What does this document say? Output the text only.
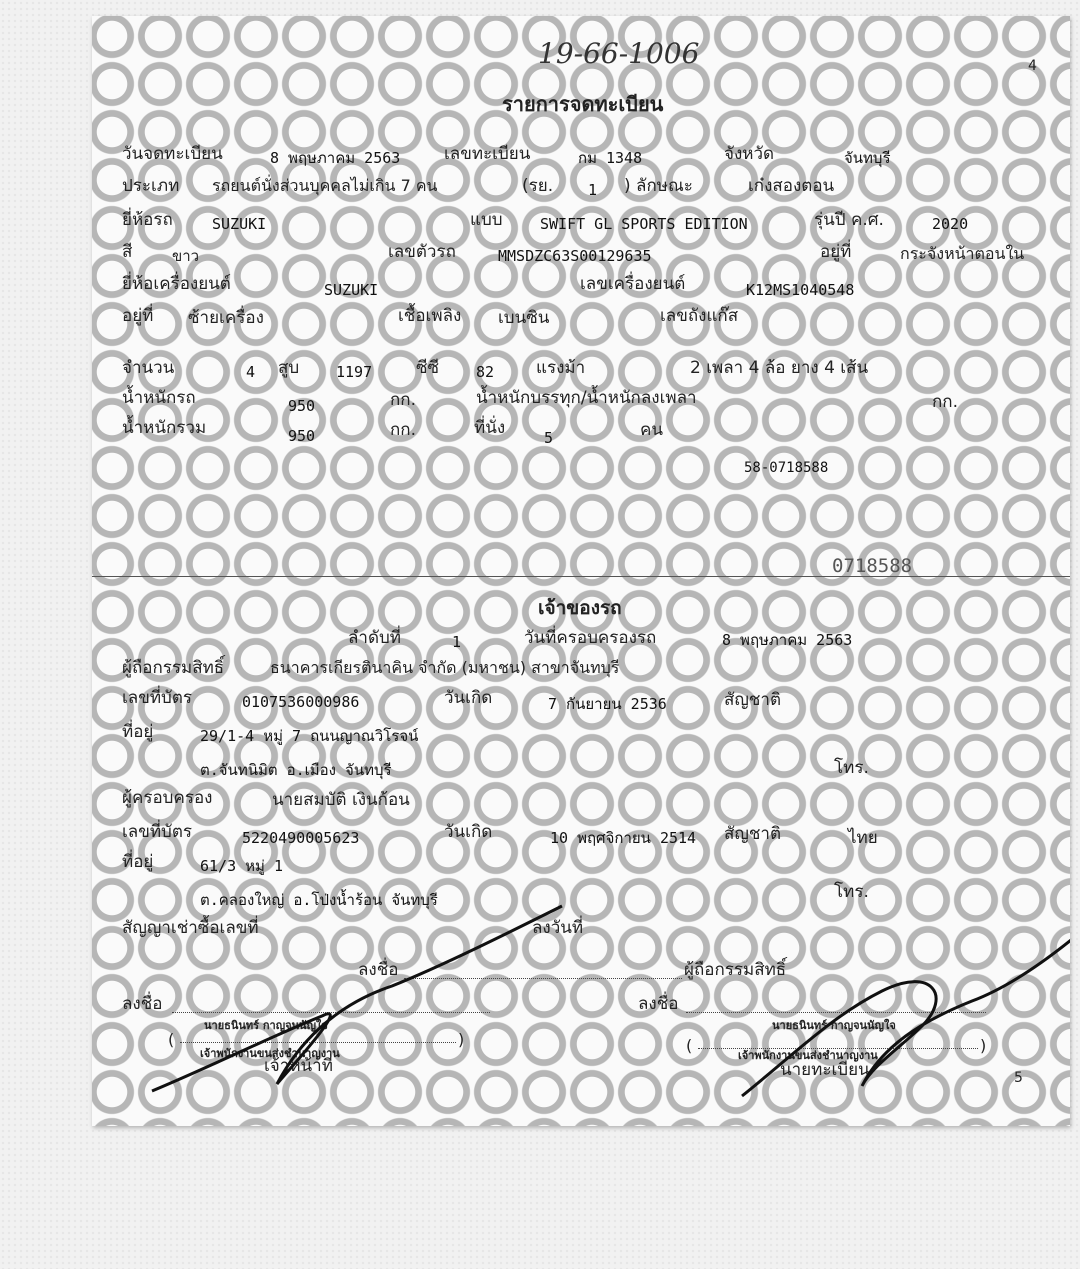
19-66-1006	4
รายการจดทะเบียน
วันจดทะเบียน	8 พฤษภาคม 2563	เลขทะเบียน	กม 1348	จังหวัด	จันทบุรี
ประเภท รถยนต์นั่งส่วนบุคคลไม่เกิน 7 คน	(รย. 1 ) ลักษณะ	เก๋งสองตอน
ยี่ห้อรถ	SUZUKI	แบบ SWIFT GL SPORTS EDITION	รุ่นปี ค.ศ.	2020
สี	ขาว	เลขตัวรถ	MMSDZC63S00129635	อยู่ที่	กระจังหน้าตอนใน
ยี่ห้อเครื่องยนต์	SUZUKI	เลขเครื่องยนต์	K12MS1040548
อยู่ที่ ซ้ายเครื่อง	เชื้อเพลิง เบนซิน	เลขถังแก๊ส
จำนวน	4 สูบ 1197	ซีซี 82 แรงม้า	2 เพลา 4 ล้อ ยาง 4 เส้น
น้ำหนักรถ	950	กก.	น้ำหนักบรรทุก/น้ำหนักลงเพลา	กก.
น้ำหนักรวม	950	กก.	ที่นั่ง	5	คน
58-0718588
0718588
เจ้าของรถ
ลำดับที่	1	วันที่ครอบครองรถ	8 พฤษภาคม 2563
ผู้ถือกรรมสิทธิ์	ธนาคารเกียรตินาคิน จำกัด (มหาชน) สาขาจันทบุรี
เลขที่บัตร	0107536000986	วันเกิด	7 กันยายน 2536	สัญชาติ
ที่อยู่	29/1-4 หมู่ 7 ถนนญาณวิโรจน์
ต.จันทนิมิต อ.เมือง จันทบุรี	โทร.
ผู้ครอบครอง	นายสมบัติ เงินก้อน
เลขที่บัตร	5220490005623	วันเกิด	10 พฤศจิกายน 2514 สัญชาติ	ไทย
ที่อยู่	61/3 หมู่ 1
ต.คลองใหญ่ อ.โป่งน้ำร้อน จันทบุรี	โทร.
สัญญาเช่าซื้อเลขที่	ลงวันที่
ลงชื่อ	ผู้ถือกรรมสิทธิ์
ลงชื่อ
(	)
นายธนินทร์ กาญจนนัญใจ
เจ้าพนักงานขนส่งชำนาญงาน
เจ้าหน้าที่
ลงชื่อ
(	)
นายธนินทร์ กาญจนนัญใจ
เจ้าพนักงานขนส่งชำนาญงาน
นายทะเบียน	5
